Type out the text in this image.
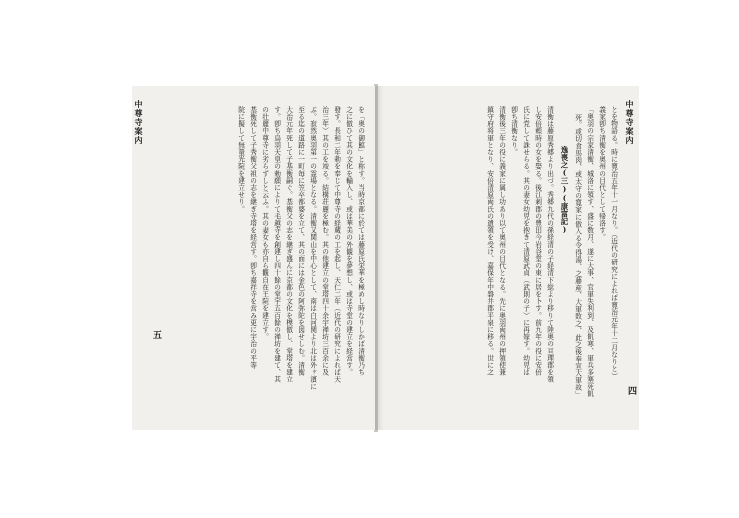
中尊寺案内
四
とを物語る。時に寛治五年十一月なり。（近代の研究によれば寛治元年十二月なりと）
義家卽ち清衡を奥州の目代として帰洛す。
「奥羽の宗家清衡、城洛に領す、盛に数月、遂に大事、官軍失利到、及飢寒、軍兵多塞死飢
死。或切食馬肉、或太守の寛家に傲入る令得湯、之藤産、大軍敗之、此之後奉宣大軍故」
逸喪之(三)(康富記)
清衡は藤原秀郷より出づ。秀郷九代の孫経清の子経清下総より移りて陸奥の亘理郡を領
し安倍頼時の女を娶る。後江刺郡の豊田今岩谷堂の東に居を卜す。前九年の役に安倍
氏に党して誅せらる。其の妻女幼児を抱きて清原武貞（武則の子）に再嫁す。幼児は
卽ち清衡なり。
清衡後三年の役に義家に属し功あり以て奥州の目代となる。先に奥羽両州の押領使兼
鎮守府将軍となり、安倍清原両氏の遺領を受け、嘉保年中磐井郡平泉に移る。世に之
中尊寺案内
五	を「奥の御館」と称す。当時京都に於ては藤原氏栄華を極めし時なりしかば清衡乃ち
之に倣ひて其の文化を輸入し、或は華美の外観を夢想し、或は寺堂の建立を経営す。
發す。長和二年勅を奉じて中尊寺の経蔵の工を起し、天仁二年（近代の研究によれば天
治三年）其の工を竣る。結構荘麗を極む。其の他建立の堂塔四十余宇禅坊三百余に及
ぶ。寂然奥羽第一の霊場となる。清衡又関山を中心として、南は白河関より北は外ヶ濱に
至る迄の道路に一町毎に笠卒都婆を立て、其の面には金色の阿弥陀を図せしむ。清衡
大治元年死して子基衡嗣ぐ。基衡父の志を継ぎ盛んに京都の文化を模倣し、堂塔を建立
す。卽ち鳥羽天皇の勅願によりて毛越寺を創建し四十餘の堂宇五百餘の禅坊を建て、其
の壮麗中尊寺に劣らずしと云ふ。其の妻女も亦自ら觀自在王院を建立す。
基衡死して子秀衡父祖の志を継ぎ寺塔を経営す。卽ち嘉祥寺を営み更に宇治の平等
院に擬して無量光院を建立せり。
